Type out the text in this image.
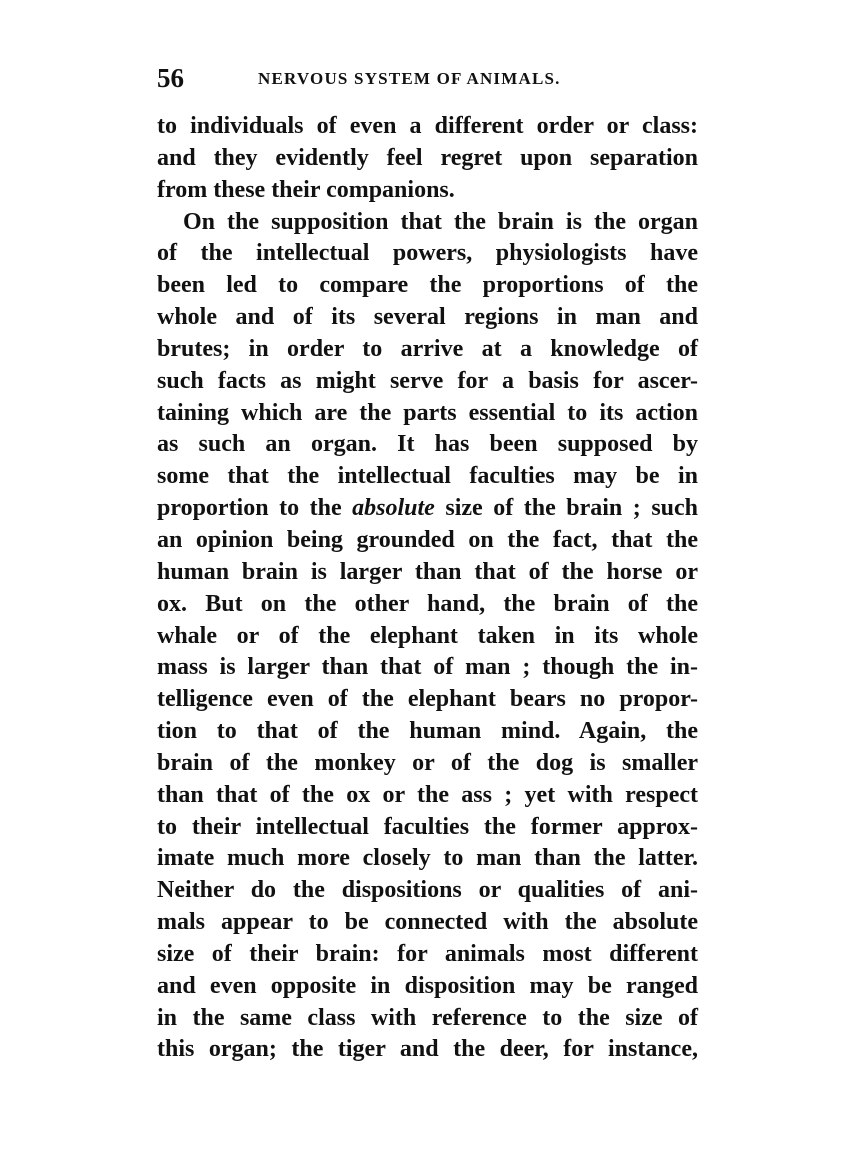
56	NERVOUS SYSTEM OF ANIMALS.
to individuals of even a different order or class:
and they evidently feel regret upon separation
from these their companions.
On the supposition that the brain is the organ
of the intellectual powers, physiologists have
been led to compare the proportions of the
whole and of its several regions in man and
brutes; in order to arrive at a knowledge of
such facts as might serve for a basis for ascer-
taining which are the parts essential to its action
as such an organ. It has been supposed by
some that the intellectual faculties may be in
proportion to the absolute size of the brain ; such
an opinion being grounded on the fact, that the
human brain is larger than that of the horse or
ox. But on the other hand, the brain of the
whale or of the elephant taken in its whole
mass is larger than that of man ; though the in-
telligence even of the elephant bears no propor-
tion to that of the human mind. Again, the
brain of the monkey or of the dog is smaller
than that of the ox or the ass ; yet with respect
to their intellectual faculties the former approx-
imate much more closely to man than the latter.
Neither do the dispositions or qualities of ani-
mals appear to be connected with the absolute
size of their brain: for animals most different
and even opposite in disposition may be ranged
in the same class with reference to the size of
this organ; the tiger and the deer, for instance,
